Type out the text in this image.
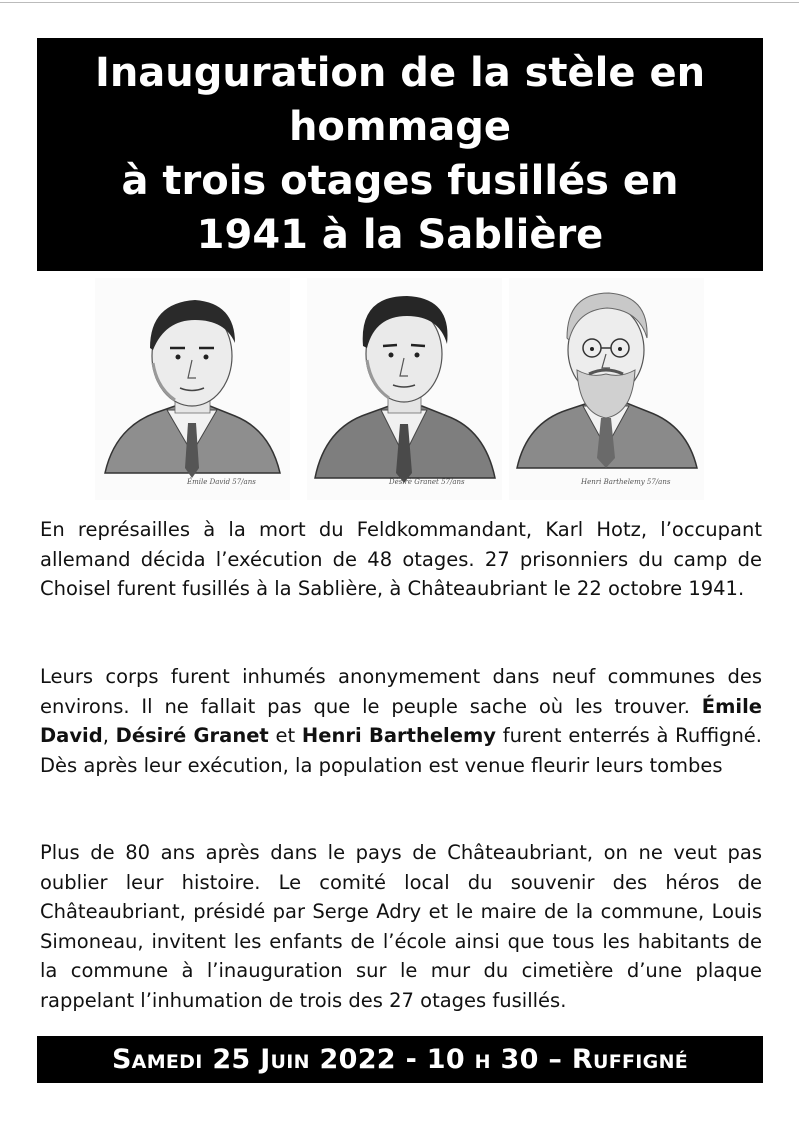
Inauguration de la stèle en
hommage
à trois otages fusillés en
1941 à la Sablière
Émile David 57/ans	Désiré Granet 57/ans	Henri Barthelemy 57/ans

En représailles à la mort du Feldkommandant, Karl Hotz, l’occupant allemand décida l’exécution de 48 otages. 27 prisonniers du camp de Choisel furent fusillés à la Sablière, à Châteaubriant le 22 octobre 1941.

Leurs corps furent inhumés anonymement dans neuf communes des environs. Il ne fallait pas que le peuple sache où les trouver. Émile David, Désiré Granet et Henri Barthelemy furent enterrés à Ruffigné. Dès après leur exécution, la population est venue fleurir leurs tombes

Plus de 80 ans après dans le pays de Châteaubriant, on ne veut pas oublier leur histoire. Le comité local du souvenir des héros de Châteaubriant, présidé par Serge Adry et le maire de la commune, Louis Simoneau, invitent les enfants de l’école ainsi que tous les habitants de la commune à l’inauguration sur le mur du cimetière d’une plaque rappelant l’inhumation de trois des 27 otages fusillés.

Samedi 25 Juin 2022 - 10 h 30 – Ruffigné
